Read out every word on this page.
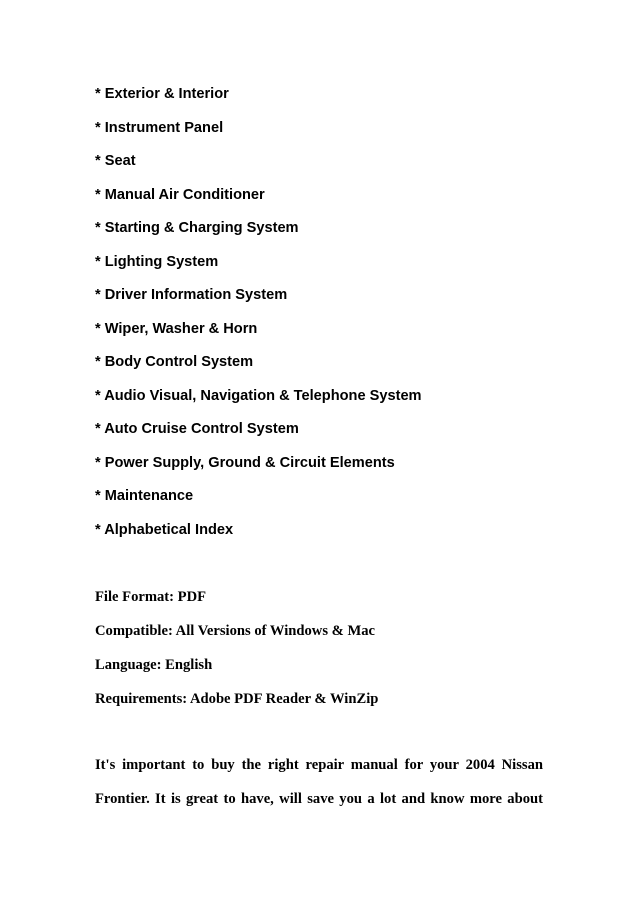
* Exterior & Interior
* Instrument Panel
* Seat
* Manual Air Conditioner
* Starting & Charging System
* Lighting System
* Driver Information System
* Wiper, Washer & Horn
* Body Control System
* Audio Visual, Navigation & Telephone System
* Auto Cruise Control System
* Power Supply, Ground & Circuit Elements
* Maintenance
* Alphabetical Index
File Format: PDF
Compatible: All Versions of Windows & Mac
Language: English
Requirements: Adobe PDF Reader & WinZip
It's important to buy the right repair manual for your 2004 Nissan
Frontier. It is great to have, will save you a lot and know more about
